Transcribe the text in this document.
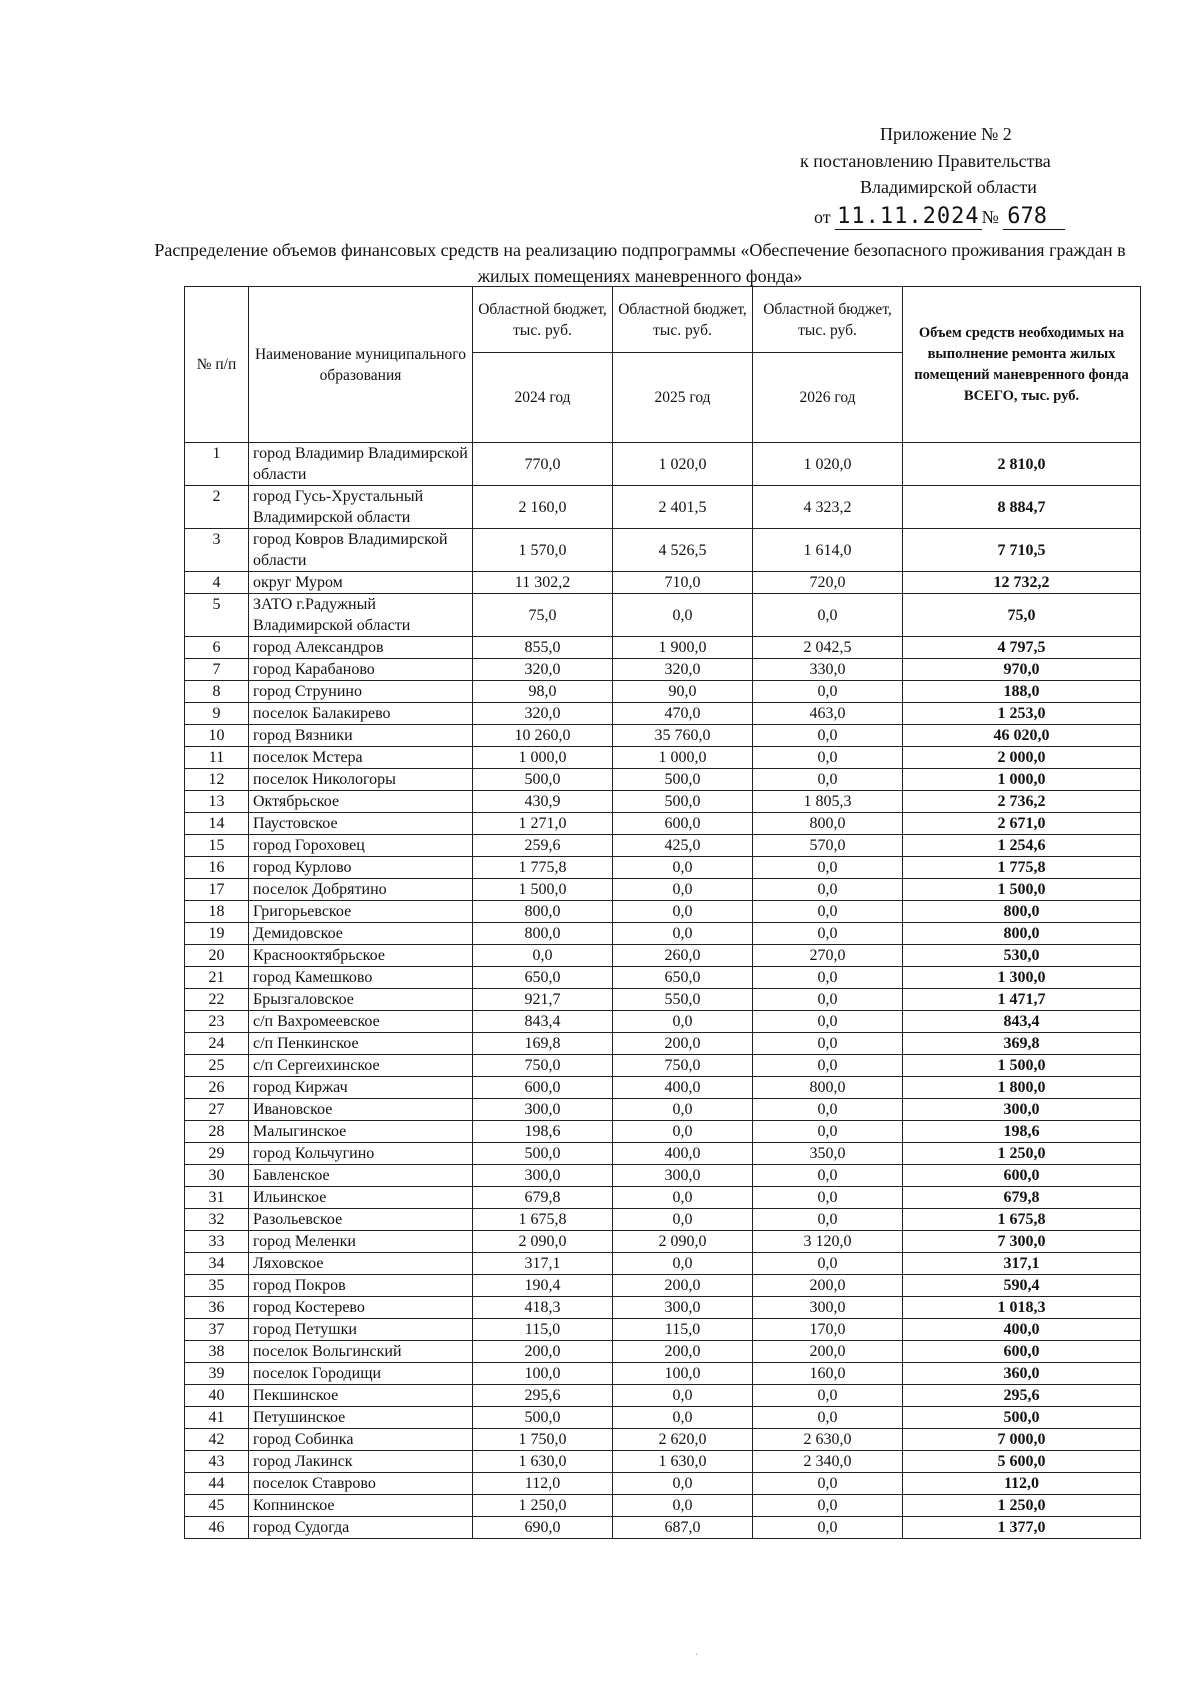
Приложение № 2
к постановлению Правительства
Владимирской области
от 11.11.2024 № 678
Распределение объемов финансовых средств на реализацию подпрограммы «Обеспечение безопасного проживания граждан в жилых помещениях маневренного фонда»
№ п/п	Наименование муниципального образования	Областной бюджет, тыс. руб.	Областной бюджет, тыс. руб.	Областной бюджет, тыс. руб.	Объем средств необходимых на выполнение ремонта жилых помещений маневренного фонда ВСЕГО, тыс. руб.
		2024 год	2025 год	2026 год	
1	город Владимир Владимирской области	770,0	1 020,0	1 020,0	2 810,0
2	город Гусь-Хрустальный Владимирской области	2 160,0	2 401,5	4 323,2	8 884,7
3	город Ковров Владимирской области	1 570,0	4 526,5	1 614,0	7 710,5
4	округ Муром	11 302,2	710,0	720,0	12 732,2
5	ЗАТО г.Радужный Владимирской области	75,0	0,0	0,0	75,0
6	город Александров	855,0	1 900,0	2 042,5	4 797,5
7	город Карабаново	320,0	320,0	330,0	970,0
8	город Струнино	98,0	90,0	0,0	188,0
9	поселок Балакирево	320,0	470,0	463,0	1 253,0
10	город Вязники	10 260,0	35 760,0	0,0	46 020,0
11	поселок Мстера	1 000,0	1 000,0	0,0	2 000,0
12	поселок Никологоры	500,0	500,0	0,0	1 000,0
13	Октябрьское	430,9	500,0	1 805,3	2 736,2
14	Паустовское	1 271,0	600,0	800,0	2 671,0
15	город Гороховец	259,6	425,0	570,0	1 254,6
16	город Курлово	1 775,8	0,0	0,0	1 775,8
17	поселок Добрятино	1 500,0	0,0	0,0	1 500,0
18	Григорьевское	800,0	0,0	0,0	800,0
19	Демидовское	800,0	0,0	0,0	800,0
20	Краснооктябрьское	0,0	260,0	270,0	530,0
21	город Камешково	650,0	650,0	0,0	1 300,0
22	Брызгаловское	921,7	550,0	0,0	1 471,7
23	с/п Вахромеевское	843,4	0,0	0,0	843,4
24	с/п Пенкинское	169,8	200,0	0,0	369,8
25	с/п Сергеихинское	750,0	750,0	0,0	1 500,0
26	город Киржач	600,0	400,0	800,0	1 800,0
27	Ивановское	300,0	0,0	0,0	300,0
28	Малыгинское	198,6	0,0	0,0	198,6
29	город Кольчугино	500,0	400,0	350,0	1 250,0
30	Бавленское	300,0	300,0	0,0	600,0
31	Ильинское	679,8	0,0	0,0	679,8
32	Разольевское	1 675,8	0,0	0,0	1 675,8
33	город Меленки	2 090,0	2 090,0	3 120,0	7 300,0
34	Ляховское	317,1	0,0	0,0	317,1
35	город Покров	190,4	200,0	200,0	590,4
36	город Костерево	418,3	300,0	300,0	1 018,3
37	город Петушки	115,0	115,0	170,0	400,0
38	поселок Вольгинский	200,0	200,0	200,0	600,0
39	поселок Городищи	100,0	100,0	160,0	360,0
40	Пекшинское	295,6	0,0	0,0	295,6
41	Петушинское	500,0	0,0	0,0	500,0
42	город Собинка	1 750,0	2 620,0	2 630,0	7 000,0
43	город Лакинск	1 630,0	1 630,0	2 340,0	5 600,0
44	поселок Ставрово	112,0	0,0	0,0	112,0
45	Копнинское	1 250,0	0,0	0,0	1 250,0
46	город Судогда	690,0	687,0	0,0	1 377,0
·
